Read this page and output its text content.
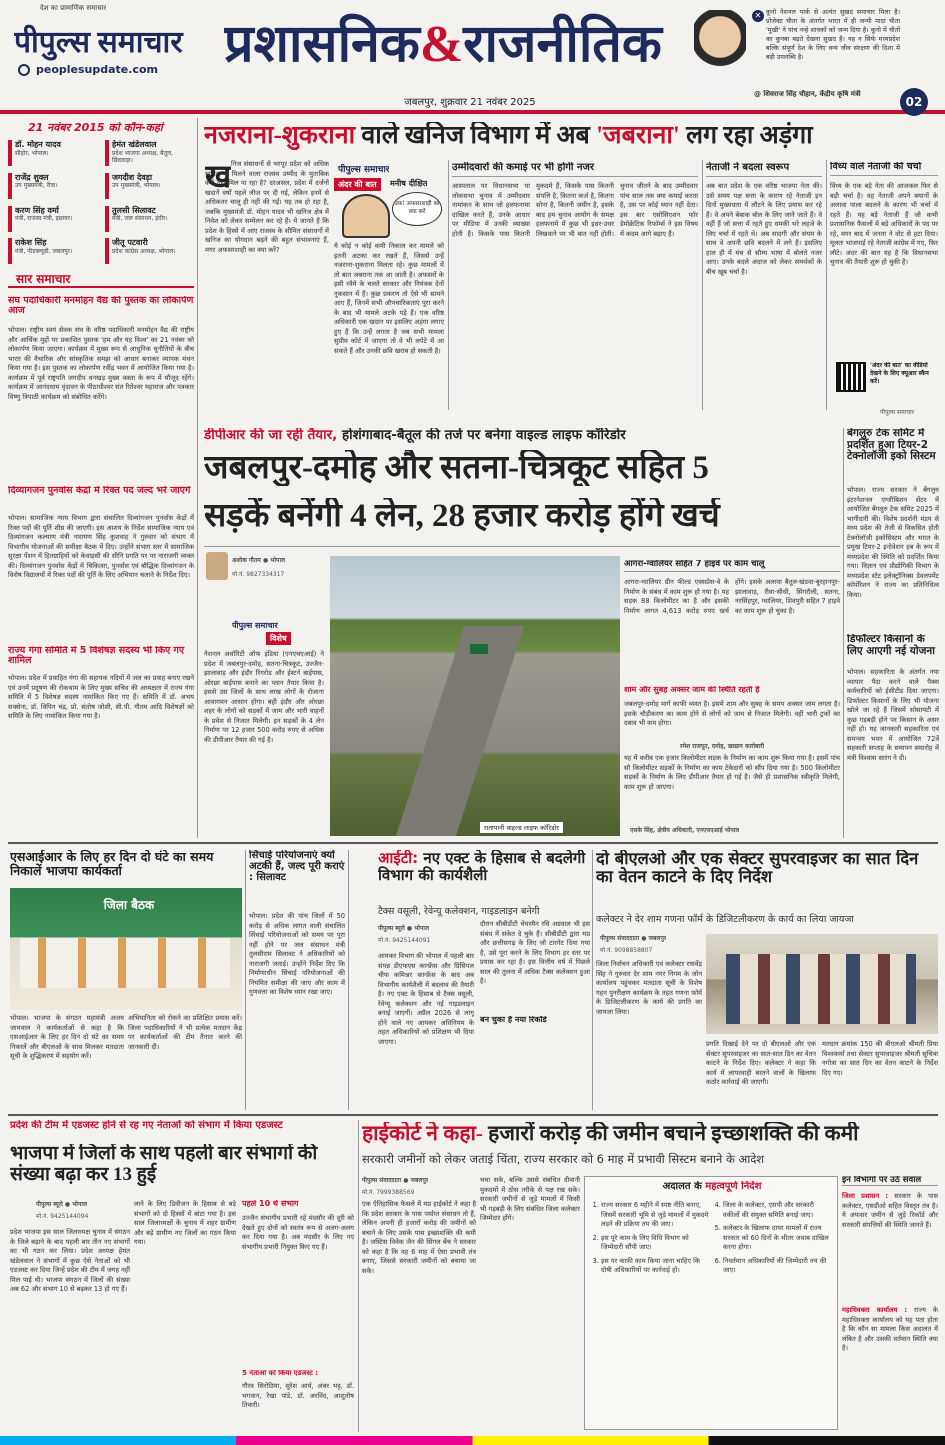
देश का प्रामाणिक समाचार
पीपुल्स समाचार
peoplesupdate.com प्रशासनिक&राजनीतिक
जबलपुर, शुक्रवार 21 नवंबर 2025
✕ कूनो नेशनल पार्क से अत्यंत सुखद समाचार मिला है। प्रोजेक्ट चीता के अंतर्गत भारत में ही जन्मी मादा चीता 'मुखी' ने पांच नन्हे शावकों को जन्म दिया है। कूनो में चीतों का कुनबा बढ़ते देखना सुखद है। यह न सिर्फ मध्यप्रदेश बल्कि संपूर्ण देश के लिए वन्य जीव संरक्षण की दिशा में बड़ी उपलब्धि है।
@ शिवराज सिंह चौहान, केंद्रीय कृषि मंत्री
02
21 नवंबर 2015 को कौन-कहां
डॉ. मोहन यादव
सीहोर, भोपाल।
हेमंत खंडेलवाल
प्रदेश भाजपा अध्यक्ष, बैतूल, छिंदवाड़ा।
राजेंद्र शुक्ल
उप मुख्यमंत्री, रीवा।
जगदीश देवड़ा
उप मुख्यमंत्री, भोपाल।
करण सिंह वर्मा
मंत्री, राजस्व मंत्री, इछावर।
तुलसी सिलावट
मंत्री, जल संसाधन, इंदौर।
राकेश सिंह
मंत्री, पीडब्ल्यूडी, जबलपुर।
जीतू पटवारी
प्रदेश कांग्रेस अध्यक्ष, भोपाल।
सार समाचार
संघ पदाधिकारी मनमोहन वैद्य की पुस्तक का लोकार्पण आज
भोपाल। राष्ट्रीय स्वयं सेवक संघ के वरिष्ठ पदाधिकारी मनमोहन वैद्य की राष्ट्रीय और आर्थिक मुद्दों पर प्रकाशित पुस्तक 'हम और यह विश्व' का 21 नवंबर को लोकार्पण किया जाएगा। कार्यक्रम में मुख्य रूप से आधुनिक चुनौतियों के बीच भारत की वैचारिक और सांस्कृतिक समझ को आधार बनाकर व्यापक मंथन किया गया है। इस पुस्तक का लोकार्पण रवींद्र भवन में आयोजित किया गया है। कार्यक्रम में पूर्व राष्ट्रपति जगदीप धनखड़ मुख्य वक्ता के रूप में मौजूद रहेंगे। कार्यक्रम में आनंदधाम वृंदावन के पीठाधीश्वर संत रितेश्वर महाराज और पत्रकार विष्णु त्रिपाठी कार्यक्रम को संबोधित करेंगे।
दिव्यांगजन पुनर्वास केंद्रों में रिक्त पद जल्द भरे जाएंगे
भोपाल। सामाजिक न्याय विभाग द्वारा संचालित दिव्यांगजन पुनर्वास केंद्रों में रिक्त पदों की पूर्ति शीघ्र की जाएगी। इस आशय के निर्देश सामाजिक न्याय एवं दिव्यांगजन कल्याण मंत्री नारायण सिंह कुशवाह ने गुरुवार को संभाग में विभागीय योजनाओं की समीक्षा बैठक में दिए। उन्होंने संभाग स्तर में सामाजिक सुरक्षा पेंशन में हितग्राहियों को केवाइसी की सीनि प्रगति पर पर नाराजगी व्यक्त की। दिव्यांगजन पुनर्वास केंद्रों में चिकित्सा, पुनर्वास एवं बौद्धिक दिव्यांगजन के विशेष विद्यालयों में रिक्त पदों की पूर्ति के लिए अभियान चलाने के निर्देश दिए।
राज्य गंगा समिति में 5 विशेषज्ञ सदस्य भी किए गए शामिल
भोपाल। प्रदेश में प्रवाहित गंगा की सहायक नदियों में जल का प्रवाह बनाए रखने एवं उनमें प्रदूषण की रोकथाम के लिए मुख्य सचिव की अध्यक्षता में राज्य गंगा समिति में 5 विशेषज्ञ सदस्य नामांकित किए गए हैं। समिति में डॉ. अभय सक्सेना, डॉ. विपिन चंद्र, प्रो. संतोष जोशी, सी.पी. गौतम आदि विशेषज्ञों को समिति के लिए नामांकित किया गया है।
नजराना-शुकराना वाले खनिज विभाग में अब 'जबराना' लग रहा अड़ंगा
ख निज संसाधनों से भरपूर प्रदेश को अधिक खनिज से मिलने वाला राजस्व उम्मीद के मुताबिक क्यों नहीं मिल पा रहा है? दरअसल, प्रदेश में दर्जनों खदानें वर्षों पहले लीज पर दी गई, लेकिन इनमें से अधिकतर चालू ही नहीं की गईं। यह तब हो रहा है, जबकि मुख्यमंत्री डॉ. मोहन यादव भी खनिज क्षेत्र में निवेश को लेकर सम्मेलन कर रहे हैं। ये जानते हैं कि प्रदेश के हिस्से में आए राजस्व के सीमित संसाधनों में खनिज का योगदान बढ़ने की बहुत संभावनाएं हैं, मगर अफसरशाही का क्या करें?
पीपुल्स समाचार
अंदर की बात	मनीष दीक्षित
उफ! अफसरशाही का क्या करें
ये कोई न कोई कमी निकाल कर मामले को इतनी अटका कर रखते हैं, जिससे उन्हें नजराना-शुकराना मिलता रहे। कुछ मामलों में तो बात जबराना तक आ जाती है। अफसरों के इसी रवैये के चलते सरकार और नियंत्रक देनों नुकसान में हैं। कुछ प्रकरण तो ऐसे भी सामने आए हैं, जिनमें सभी औपचारिकताएं पूरा करने के बाद भी मामले अटके पड़े हैं। एक वरिष्ठ अधिकारी एक खदान पर इसलिए अड़ंगा लगाए हुए हैं कि उन्हें लगता है जब सभी मामला सुप्रीम कोर्ट में जाएगा तो वे भी लपेटे में आ सकते हैं और उनकी छवि खराब हो सकती है।
उम्मीदवारों की कमाई पर भी होगी नजर
आस्पताल पर विधानसभा या लोकसभा चुनाव में उम्मीदवार नामांकन के साथ जो हलफनामा दाखिल करते हैं, उनके आधार पर मीडिया में उनकी व्याख्या होती है। किसके पास कितनी मुकदमे हैं, किसके पास कितनी संपत्ति है, कितना कर्ज है, कितना सोना है, कितनी जमीन है, इसके बाद हम चुनाव आयोग के समक्ष हलफनामे में कुछ भी इधर-उधर लिखवाने पर भी बात नहीं होती। चुनाव जीतने के बाद उम्मीदवार पांच साल तक क्या कमाई करता है, उस पर कोई ध्यान नहीं देता। इस बार एसोसिएशन फॉर डेमोक्रेटिक रिफॉर्म्स ने इस विषय में कदम आगे बढ़ाए हैं।
नेताजी ने बदला स्वरूप
अब बात प्रदेश के एक वरिष्ठ भाजपा नेता की। उसे समय पक्ष सत्ता के कारण रहे नेताजी इन दिनों मुख्यधारा में लौटने के लिए प्रयास कर रहे हैं। वे अपने बेबाक बोल के लिए जाने जाते हैं। वे वहीं हैं जो सत्ता में रहते हुए धमकी भरे लहजे के लिए चर्चा में रहते थे। अब सादगी और संयम के साथ वे अपनी छवि बदलने में लगे हैं। इसलिए हाल ही में मंच से सौम्य भाषा में बोलते नजर आए। उनके बदले अंदाज को लेकर समर्थकों के बीच खूब चर्चा है।
विंध्य वाले नेताजी की चर्चा
विंध्य के एक बड़े नेता की आजकल फिर से बड़ी चर्चा है। वह नेताजी अपने बयानों के अलावा पाला बदलने के कारण भी चर्चा में रहते हैं। यह बड़े नेताजी हैं जो कभी प्रशासनिक फैसलों में बड़े अधिकारों के पद पर रहे, मगर बाद में जनता ने वोट से हटा दिया। मूलतः भाजपाई रहे नेताजी कांग्रेस में गए, फिर लौटे। अंदर की बात यह है कि विधानसभा चुनाव की तैयारी शुरू हो चुकी है।
'अंदर की बात' का वीडियो देखने के लिए क्यूआर स्कैन करें।
पीपुल्स समाचार
डीपीआर की जा रही तैयार, होशंगाबाद-बैतूल की तर्ज पर बनेगा वाइल्ड लाइफ कॉरिडोर
जबलपुर-दमोह और सतना-चित्रकूट सहित 5
सड़कें बनेंगी 4 लेन, 28 हजार करोड़ होंगे खर्च
अशोक गौतम ● भोपाल
मो.नं. 9827334317
पीपुल्स समाचार
विशेष
नेशनल अथॉरिटी ऑफ इंडिया (एनएचएआई) ने प्रदेश में जबलपुर-दमोह, सतना-चित्रकूट, उज्जैन-झालावाड़ और इंदौर रिंगरोड और ईस्टर्न बाईपास, ओरछा बाईपास बनाने का प्लान तैयार किया है। इससे उस जिलों के साथ लाख लोगों के रोजाना आवागमन आसान होगा। बही इंदौर और ओरछा शहर के लोगों को सड़कों में जाम और भारी वाहनों के प्रवेश से निजात मिलेगी। इन सड़कों के 4 लेन निर्माण पर 12 हजार 500 करोड़ रुपए से अधिक की डीपीआर तैयार की गई है।
रातापानी वाइल्ड लाइफ कॉरिडोर
आगरा-ग्वालियर सहित 7 हाइवे पर काम चालू
आगरा-ग्वालियर ग्रीन फील्ड एक्सप्रेस-वे के निर्माण के संबंध में काम शुरू हो गया है। यह सड़क 88 किलोमीटर का है और इसकी निर्माण लागत 4,613 करोड़ रुपए खर्च होंगे। इसके अलावा बैतूल-खंडवा-बुरहानपुर-झालावाड़, रीवा-सीधी, सिंगरौली, सतना, नरसिंहपुर, ग्वालियर, शिवपुरी सहित 7 हाइवे का काम शुरू हो चुका है।
शाम और सुबह अक्सर जाम की स्थिति रहती है
जबलपुर-दमोह मार्ग काफी व्यस्त है। इसमें शाम और सुबह के समय अक्सर जाम लगता है। इसके चौड़ीकरण का काम होने से लोगों को जाम से निजात मिलेगी। वहीं भारी ट्रकों का दबाव भी कम होगा।
रमेश राजपूत, दमोह, खाद्यान कारोबारी
यह में करीब एक हजार किलोमीटर सड़क के निर्माण का काम शुरू किया गया है। इसमें पांच सौ किलोमीटर सड़कों के निर्माण का काम टेकेदारों को सौंप दिया गया है। 500 किलोमीटर सड़कों के निर्माण के लिए डीपीआर तैयार हो गई है। जैसे ही प्रशासनिक स्वीकृति मिलेगी, काम शुरू हो जाएगा।
एसके सिंह, क्षेत्रीय अधिकारी, एनएचएआई भोपाल
बेंगलुरु टेक समिट में प्रदर्शित हुआ टियर-2 टेक्नोलॉजी इको सिस्टम
भोपाल। राज्य सरकार ने बेंगलुरु इंटरनेशनल एग्जीबिशन सेंटर में आयोजित बेंगलुरु टेक समिट 2025 में भागीदारी की। विशेष प्रदर्शनी मंडप से मध्य प्रदेश की तेजी से विकसित होती टेक्नोलॉजी इकोसिस्टम और भारत के प्रमुख टियर-2 इनोवेशन हब के रूप में मध्यप्रदेश की स्थिति को प्रदर्शित किया गया। विज्ञान एवं प्रौद्योगिकी विभाग के मध्यप्रदेश स्टेट इलेक्ट्रॉनिक्स डेवलपमेंट कॉर्पोरेशन ने राज्य का प्रतिनिधित्व किया।
डिफॉल्टर किसानों के लिए आएगी नई योजना
भोपाल। सहकारिता के अंतर्गत नया व्यापार पैदा करने वाले पैक्स कर्मचारियों को ईसीटीड दिया जाएगा। डिफॉल्टर किसानों के लिए भी योजना खोले जा रहे हैं जिसमें सोसायटी में कुछ गड़बड़ी होने पर किसान के असर नहीं हो। यह जानकारी सहकारिता एवं समन्वय भवन में आयोजित 72वें सहकारी सप्ताह के समापन समारोह में मंत्री विश्वास सारंग ने दी।
एसआईआर के लिए हर दिन दो घंटे का समय निकालें भाजपा कार्यकर्ता
जिला बैठक
भोपाल। भाजपा के संगठन महामंत्री अजय जामवाल ने कार्यकर्ताओं से कहा है कि एसआईआर के लिए हर दिन दो घंटे का समय निकालें और बीएलओ के साथ मिलकर मतदाता सूची के शुद्धिकरण में सहयोग करें।
अभियानिता को रोकने का प्रशिक्षित प्रयास करें। जिला पदाधिकारियों ने भी प्रत्येक मतदान केंद्र पर कार्यकर्ताओं की टीम तैनात करने की जानकारी दी।
सिंचाई परियोजनाएं क्यों अटकी हैं, जल्द पूरी कराएं : सिलावट
भोपाल। प्रदेश की पांच जिलों में 50 करोड़ से अधिक लागत वाली संचालित सिंचाई परियोजनाओं को समय पर पूरा नहीं होने पर जल संसाधन मंत्री तुलसीराम सिलावट ने अधिकारियों को नाराजगी जताई। उन्होंने निर्देश दिए कि निर्माणाधीन सिंचाई परियोजनाओं की नियमित समीक्षा की जाए और काम में गुणवत्ता का विशेष ध्यान रखा जाए।
आईटी: नए एक्ट के हिसाब से बदलेगी विभाग की कार्यशैली
टैक्स वसूली, रेवेन्यू कलेक्शन, गाइडलाइन बनेगी
पीपुल्स ब्यूरो ● भोपाल
मो.नं. 9425144091
आयकर विभाग की भोपाल में पहली बार संपन्न डीएफएस कान्फ्रेंस और प्रिंसिपल चीफ कमिश्नर कान्फ्रेंस के बाद अब विभागीय कार्यशैली में बदलाव की तैयारी है। नए एक्ट के हिसाब से टैक्स वसूली, रेवेन्यू कलेक्शन और नई गाइडलाइन बनाई जाएगी। अप्रैल 2026 से लागू होने वाले नए आयकर अधिनियम के तहत अधिकारियों को प्रशिक्षण भी दिया जाएगा।
बन चुका है नया रिकॉर्ड
दौरान सीबीडीटी चेयरमैन रवि अग्रवाल भी इस संबंध में संकेत दे चुके हैं। सीबीडीटी द्वारा मप्र और छत्तीसगढ़ के लिए जो टारगेट दिया गया है, उसे पूरा करने के लिए विभाग हर स्तर पर प्रयास कर रहा है। इस वित्तीय वर्ष में पिछले साल की तुलना में अधिक टैक्स कलेक्शन हुआ है।
दो बीएलओ और एक सेक्टर सुपरवाइजर का सात दिन का वेतन काटने के दिए निर्देश
कलेक्टर ने देर शाम गणना फॉर्म के डिजिटलीकरण के कार्य का लिया जायजा
पीपुल्स संवाददाता ● जबलपुर
मो.नं. 9098858807
जिला निर्वाचन अधिकारी एवं कलेक्टर राघवेंद्र सिंह ने गुरुवार देर शाम नगर निगम के जोन कार्यालय पहुंचकर मतदाता सूची के विशेष गहन पुनरीक्षण कार्यक्रम के तहत गणना फॉर्म के डिजिटलीकरण के कार्य की प्रगति का जायजा लिया।
प्रगति दिखाई देने पर दो बीएलओ और एक सेक्टर सुपरवाइजर का सात-सात दिन का वेतन काटने के निर्देश दिए। कलेक्टर ने कहा कि कार्य में लापरवाही बरतने वालों के खिलाफ कठोर कार्रवाई की जाएगी।
मतदान क्रमांक 150 की बीएलओ श्रीमती प्रिया विश्वकर्मा तथा सेक्टर सुपरवाइजर श्रीमती सुचित्रा नगोत्रा का सात दिन का वेतन काटने के निर्देश दिए गए।
प्रदेश की टीम में एडजस्ट होने से रह गए नेताओं को संभाग में किया एडजस्ट
भाजपा में जिलों के साथ पहली बार संभागों की संख्या बढ़ा कर 13 हुई
पीपुल्स ब्यूरो ● भोपाल
मो.नं. 9425144094
प्रदेश भाजपा इस साल जिलाध्यक्ष चुनाव में संगठन के जिले बढ़ाने के बाद पहली बार तीन नए संभागों का भी गठन कर लिया। प्रदेश अध्यक्ष हेमंत खंडेलवाल ने संभागों में कुछ ऐसे नेताओं को भी एडजस्ट कर दिया जिन्हें प्रदेश की टीम में जगह नहीं मिल पाई थी। भाजपा संगठन में जिलों की संख्या अब 62 और संभाग 10 से बढ़कर 13 हो गए हैं।
लाने के लिए डिवीजन के हिसाब से बड़े संभागों को दो हिस्सों में बांटा गया है। इस साल जिलाध्यक्षों के चुनाव में शहर ग्रामीण और बड़े ग्रामीण नए जिलों का गठन किया गया।
पहले 10 थे संभाग
उज्जैन संभागीय प्रभारी रहे मंदसौर की दूरी को देखते हुए दोनों को स्वतंत्र रूप से अलग-अलग कर दिया गया है। अब मंदसौर के लिए नए संभागीय प्रभारी नियुक्त किए गए हैं।
5 नेताओं को किया एडजस्ट :
गौरव सिरोठिया, सुरेश आर्य, अंबर भट्ट, डॉ. भगवान, रेखा पांडे, डॉ. अरविंद, आशुतोष तिवारी।
हाईकोर्ट ने कहा- हजारों करोड़ की जमीन बचाने इच्छाशक्ति की कमी
सरकारी जमीनों को लेकर जताई चिंता, राज्य सरकार को 6 माह में प्रभावी सिस्टम बनाने के आदेश
पीपुल्स संवाददाता ● जबलपुर
मो.नं. 7999388569
एक ऐतिहासिक फैसले में मप्र हाईकोर्ट ने कहा है कि प्रदेश सरकार के पास पर्याप्त संसाधन तो हैं, लेकिन अपनी ही हजारों करोड़ की जमीनों को बचाने के लिए उसके पास इच्छाशक्ति की कमी है। जस्टिस विवेक जैन की सिंगल बेंच ने सरकार को कहा है कि वह 6 माह में ऐसा प्रभावी तंत्र बनाए, जिससे सरकारी जमीनों को बचाया जा सके।
चचा सके, बल्कि उससे संबंधित दीवानी मुकदमों में ठोस तरीके से पक्ष रख सके। सरकारी जमीनों से जुड़े मामलों में किसी भी गड़बड़ी के लिए संबंधित जिला कलेक्टर जिम्मेदार होंगे।
अदालत के महत्वपूर्ण निर्देश
1. राज्य सरकार 6 महीने में स्पष्ट नीति बनाए, जिसमें सरकारी भूमि से जुड़े मामलों में मुकदमे लड़ने की प्रक्रिया तय की जाए।
2. इस पूरे काम के लिए विधि विभाग को जिम्मेदारी सौंपी जाए।
3. इस पर काफी काम किया जाना चाहिए कि दोषी अधिकारियों पर कार्रवाई हो।
4. जिला के कलेक्टर, एसपी और सरकारी वकीलों की संयुक्त समिति बनाई जाए।
5. कलेक्टर के खिलाफ दायर मामलों में राज्य सरकार को 60 दिनों के भीतर जवाब दाखिल करना होगा।
6. निवर्तमान अधिकारियों की जिम्मेदारी तय की जाए।
इन विभागों पर उठे सवाल
जिला प्रशासन : सरकार के पास कलेक्टर, एसडीओ सहित विस्तृत तंत्र है। ये अफसर जमीन से जुड़े रिकॉर्ड और सरकारी संपत्तियों की स्थिति जानते हैं।
महाधिवक्ता कार्यालय : राज्य के महाधिवक्ता कार्यालय को यह पता होता है कि कौन सा मामला किस अदालत में लंबित है और उसकी वर्तमान स्थिति क्या है।
